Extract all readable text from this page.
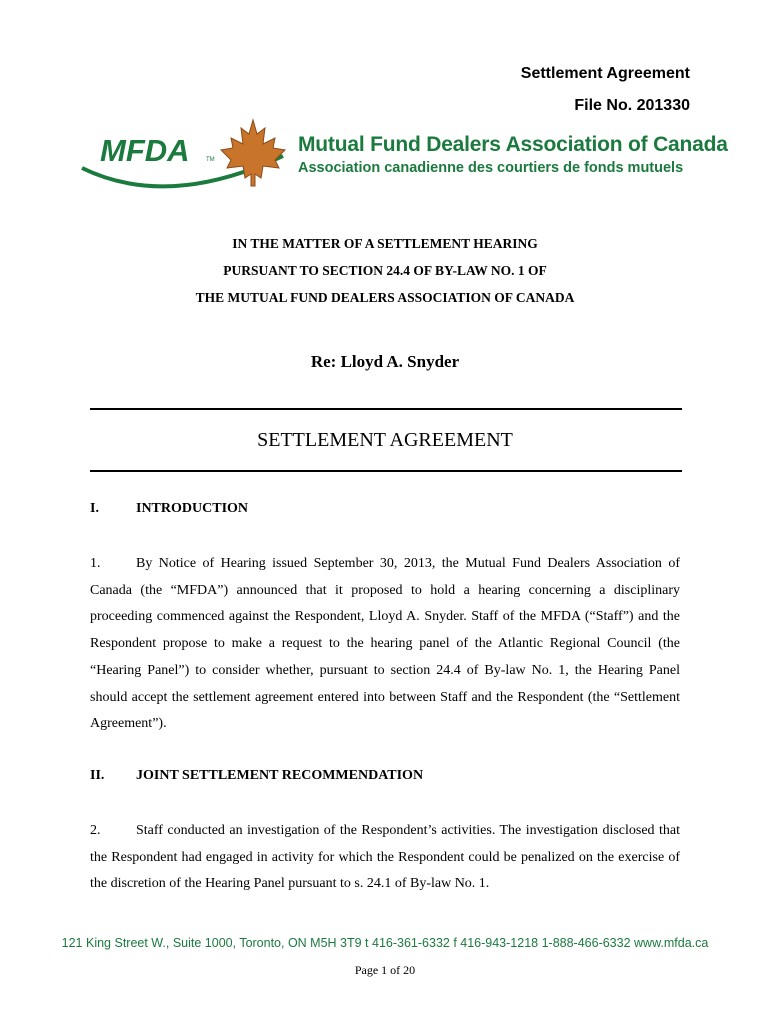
Settlement Agreement
File No. 201330
MFDA	TM
Mutual Fund Dealers Association of Canada
Association canadienne des courtiers de fonds mutuels
IN THE MATTER OF A SETTLEMENT HEARING
PURSUANT TO SECTION 24.4 OF BY-LAW NO. 1 OF
THE MUTUAL FUND DEALERS ASSOCIATION OF CANADA
Re: Lloyd A. Snyder
SETTLEMENT AGREEMENT
I.	INTRODUCTION
1.	By Notice of Hearing issued September 30, 2013, the Mutual Fund Dealers Association of Canada (the “MFDA”) announced that it proposed to hold a hearing concerning a disciplinary proceeding commenced against the Respondent, Lloyd A. Snyder. Staff of the MFDA (“Staff”) and the Respondent propose to make a request to the hearing panel of the Atlantic Regional Council (the “Hearing Panel”) to consider whether, pursuant to section 24.4 of By-law No. 1, the Hearing Panel should accept the settlement agreement entered into between Staff and the Respondent (the “Settlement Agreement”).
II. JOINT SETTLEMENT RECOMMENDATION
2.	Staff conducted an investigation of the Respondent’s activities. The investigation disclosed that the Respondent had engaged in activity for which the Respondent could be penalized on the exercise of the discretion of the Hearing Panel pursuant to s. 24.1 of By-law No. 1.
121 King Street W., Suite 1000, Toronto, ON M5H 3T9 t 416-361-6332 f 416-943-1218 1-888-466-6332 www.mfda.ca
Page 1 of 20
